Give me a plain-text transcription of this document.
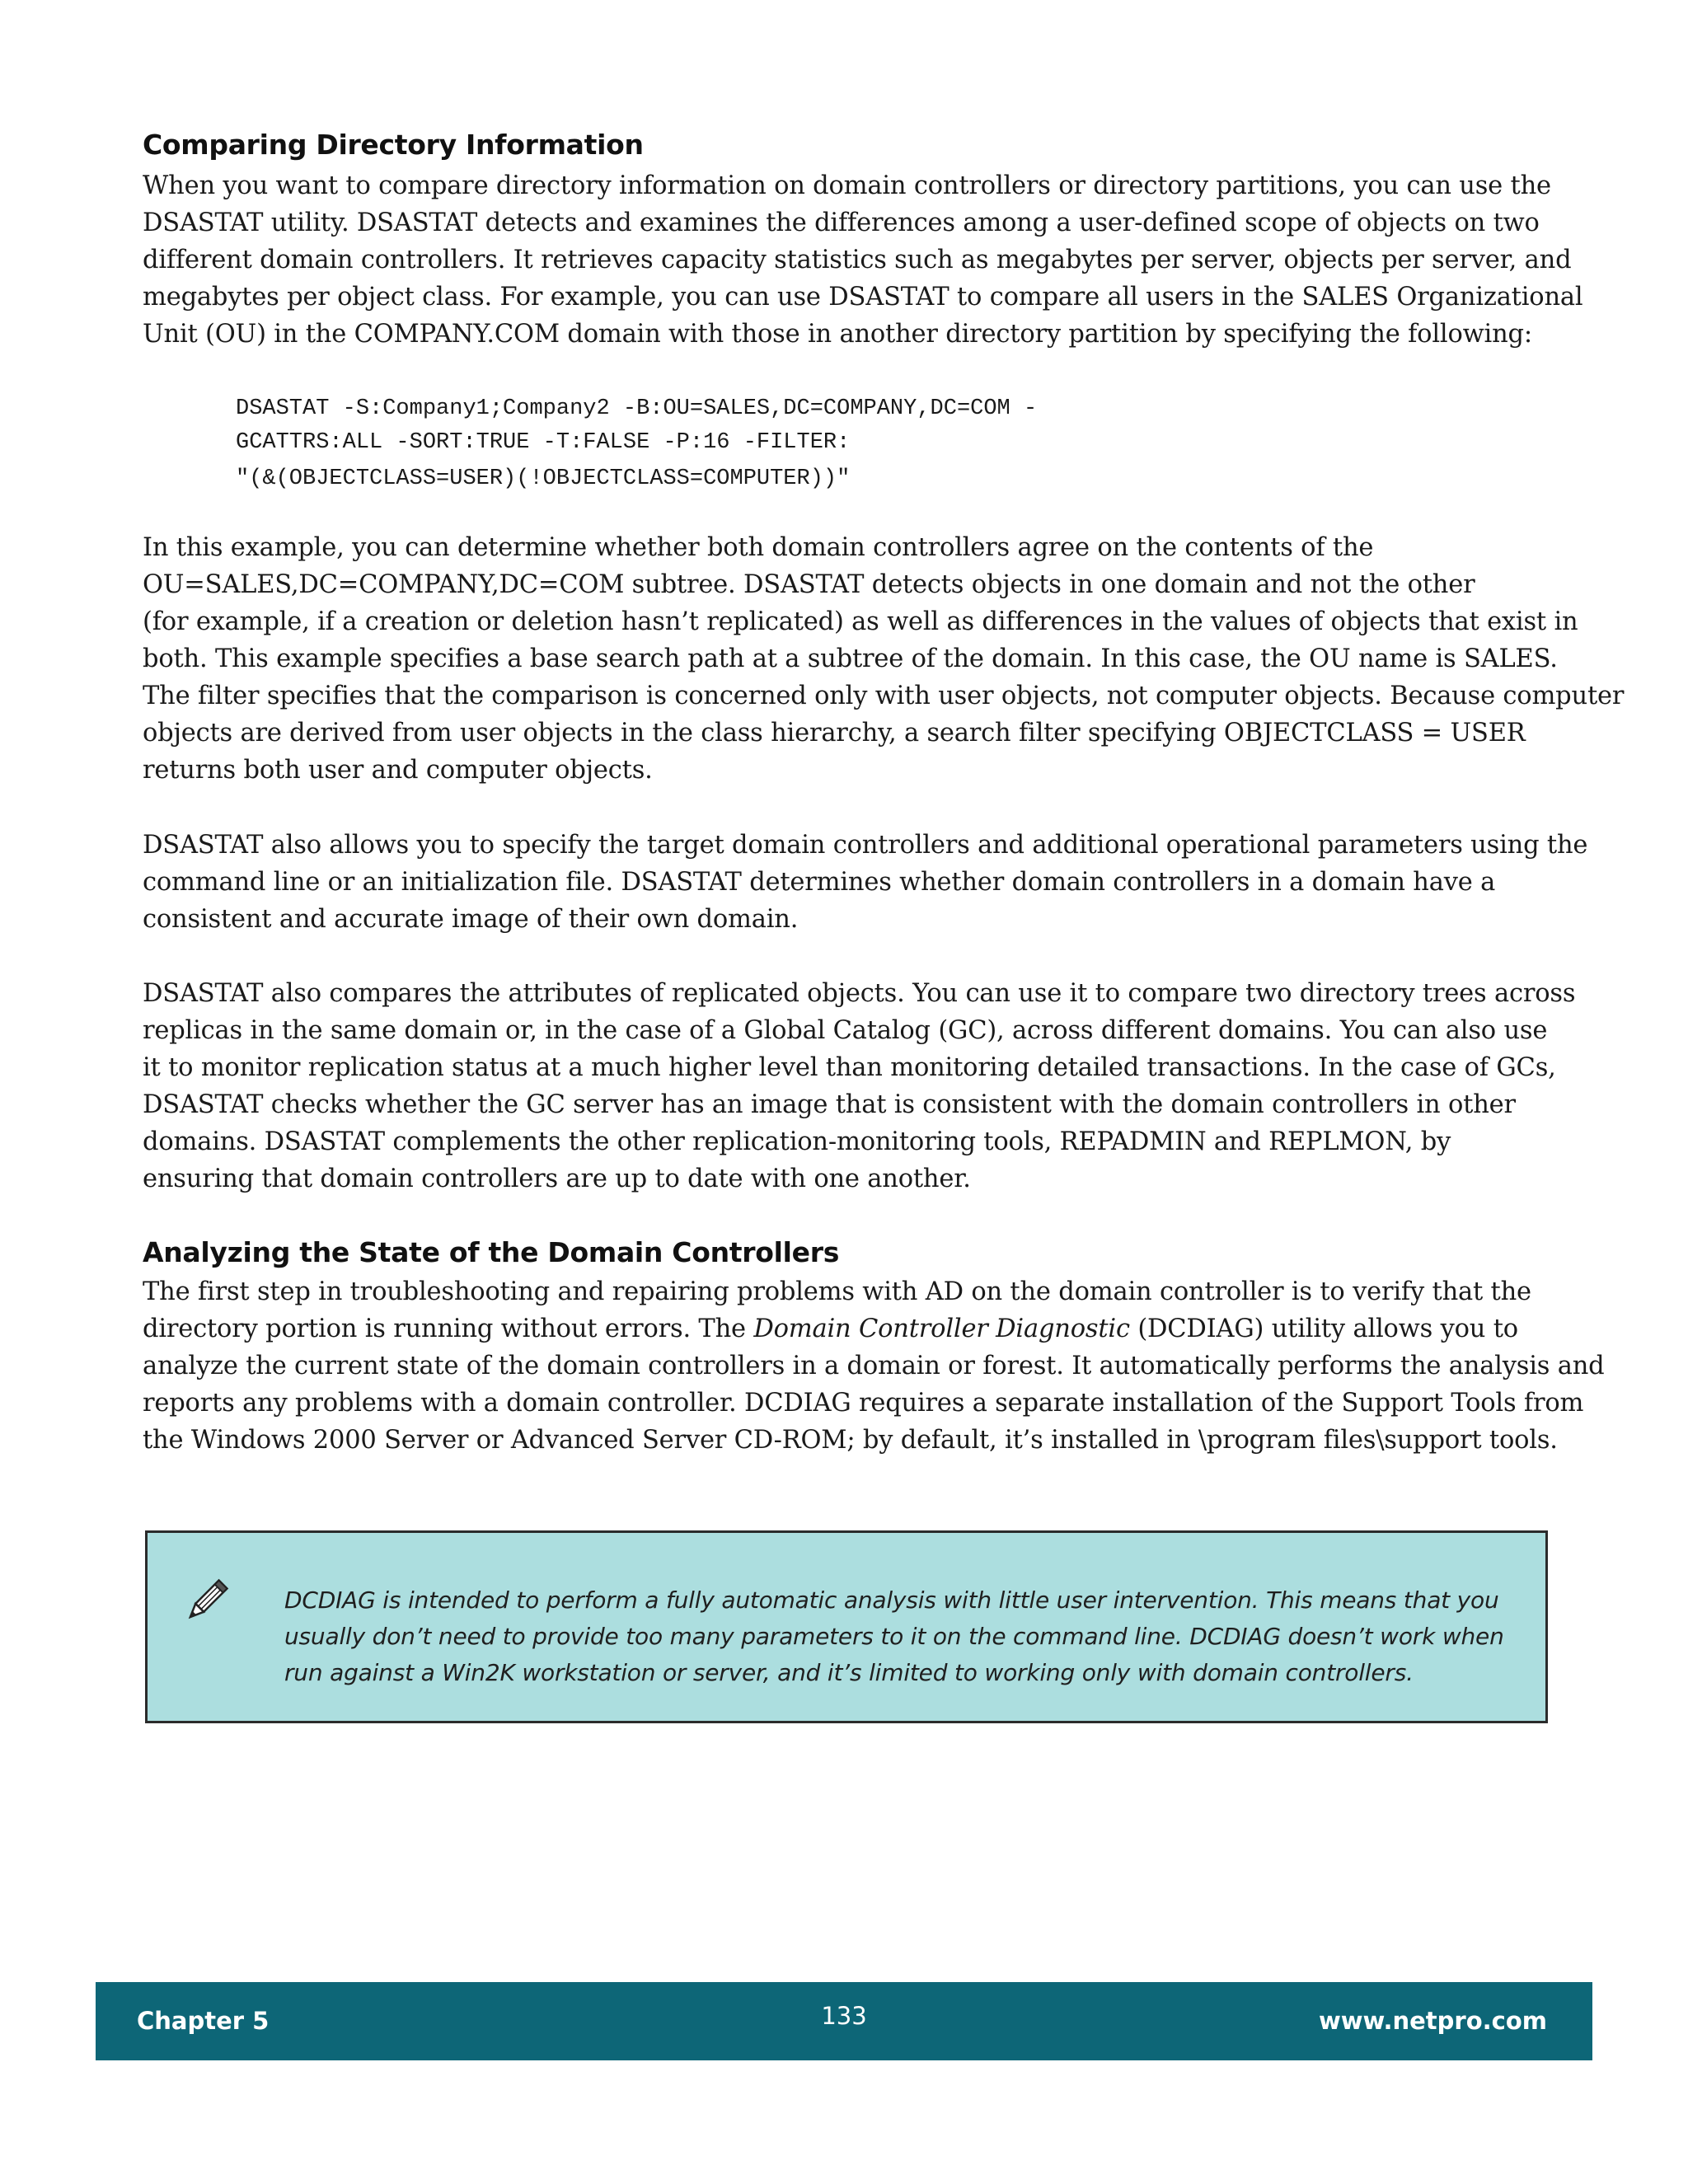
Comparing Directory Information

When you want to compare directory information on domain controllers or directory partitions, you can use the
DSASTAT utility. DSASTAT detects and examines the differences among a user-defined scope of objects on two
different domain controllers. It retrieves capacity statistics such as megabytes per server, objects per server, and
megabytes per object class. For example, you can use DSASTAT to compare all users in the SALES Organizational
Unit (OU) in the COMPANY.COM domain with those in another directory partition by specifying the following:

DSASTAT -S:Company1;Company2 -B:OU=SALES,DC=COMPANY,DC=COM -
GCATTRS:ALL -SORT:TRUE -T:FALSE -P:16 -FILTER:
"(&(OBJECTCLASS=USER)(!OBJECTCLASS=COMPUTER))"

In this example, you can determine whether both domain controllers agree on the contents of the
OU=SALES,DC=COMPANY,DC=COM subtree. DSASTAT detects objects in one domain and not the other
(for example, if a creation or deletion hasn’t replicated) as well as differences in the values of objects that exist in
both. This example specifies a base search path at a subtree of the domain. In this case, the OU name is SALES.
The filter specifies that the comparison is concerned only with user objects, not computer objects. Because computer
objects are derived from user objects in the class hierarchy, a search filter specifying OBJECTCLASS = USER
returns both user and computer objects.

DSASTAT also allows you to specify the target domain controllers and additional operational parameters using the
command line or an initialization file. DSASTAT determines whether domain controllers in a domain have a
consistent and accurate image of their own domain.

DSASTAT also compares the attributes of replicated objects. You can use it to compare two directory trees across
replicas in the same domain or, in the case of a Global Catalog (GC), across different domains. You can also use
it to monitor replication status at a much higher level than monitoring detailed transactions. In the case of GCs,
DSASTAT checks whether the GC server has an image that is consistent with the domain controllers in other
domains. DSASTAT complements the other replication-monitoring tools, REPADMIN and REPLMON, by
ensuring that domain controllers are up to date with one another.

Analyzing the State of the Domain Controllers

The first step in troubleshooting and repairing problems with AD on the domain controller is to verify that the
directory portion is running without errors. The Domain Controller Diagnostic (DCDIAG) utility allows you to
analyze the current state of the domain controllers in a domain or forest. It automatically performs the analysis and
reports any problems with a domain controller. DCDIAG requires a separate installation of the Support Tools from
the Windows 2000 Server or Advanced Server CD-ROM; by default, it’s installed in \program files\support tools.

DCDIAG is intended to perform a fully automatic analysis with little user intervention. This means that you
usually don’t need to provide too many parameters to it on the command line. DCDIAG doesn’t work when
run against a Win2K workstation or server, and it’s limited to working only with domain controllers.

Chapter 5	133	www.netpro.com
